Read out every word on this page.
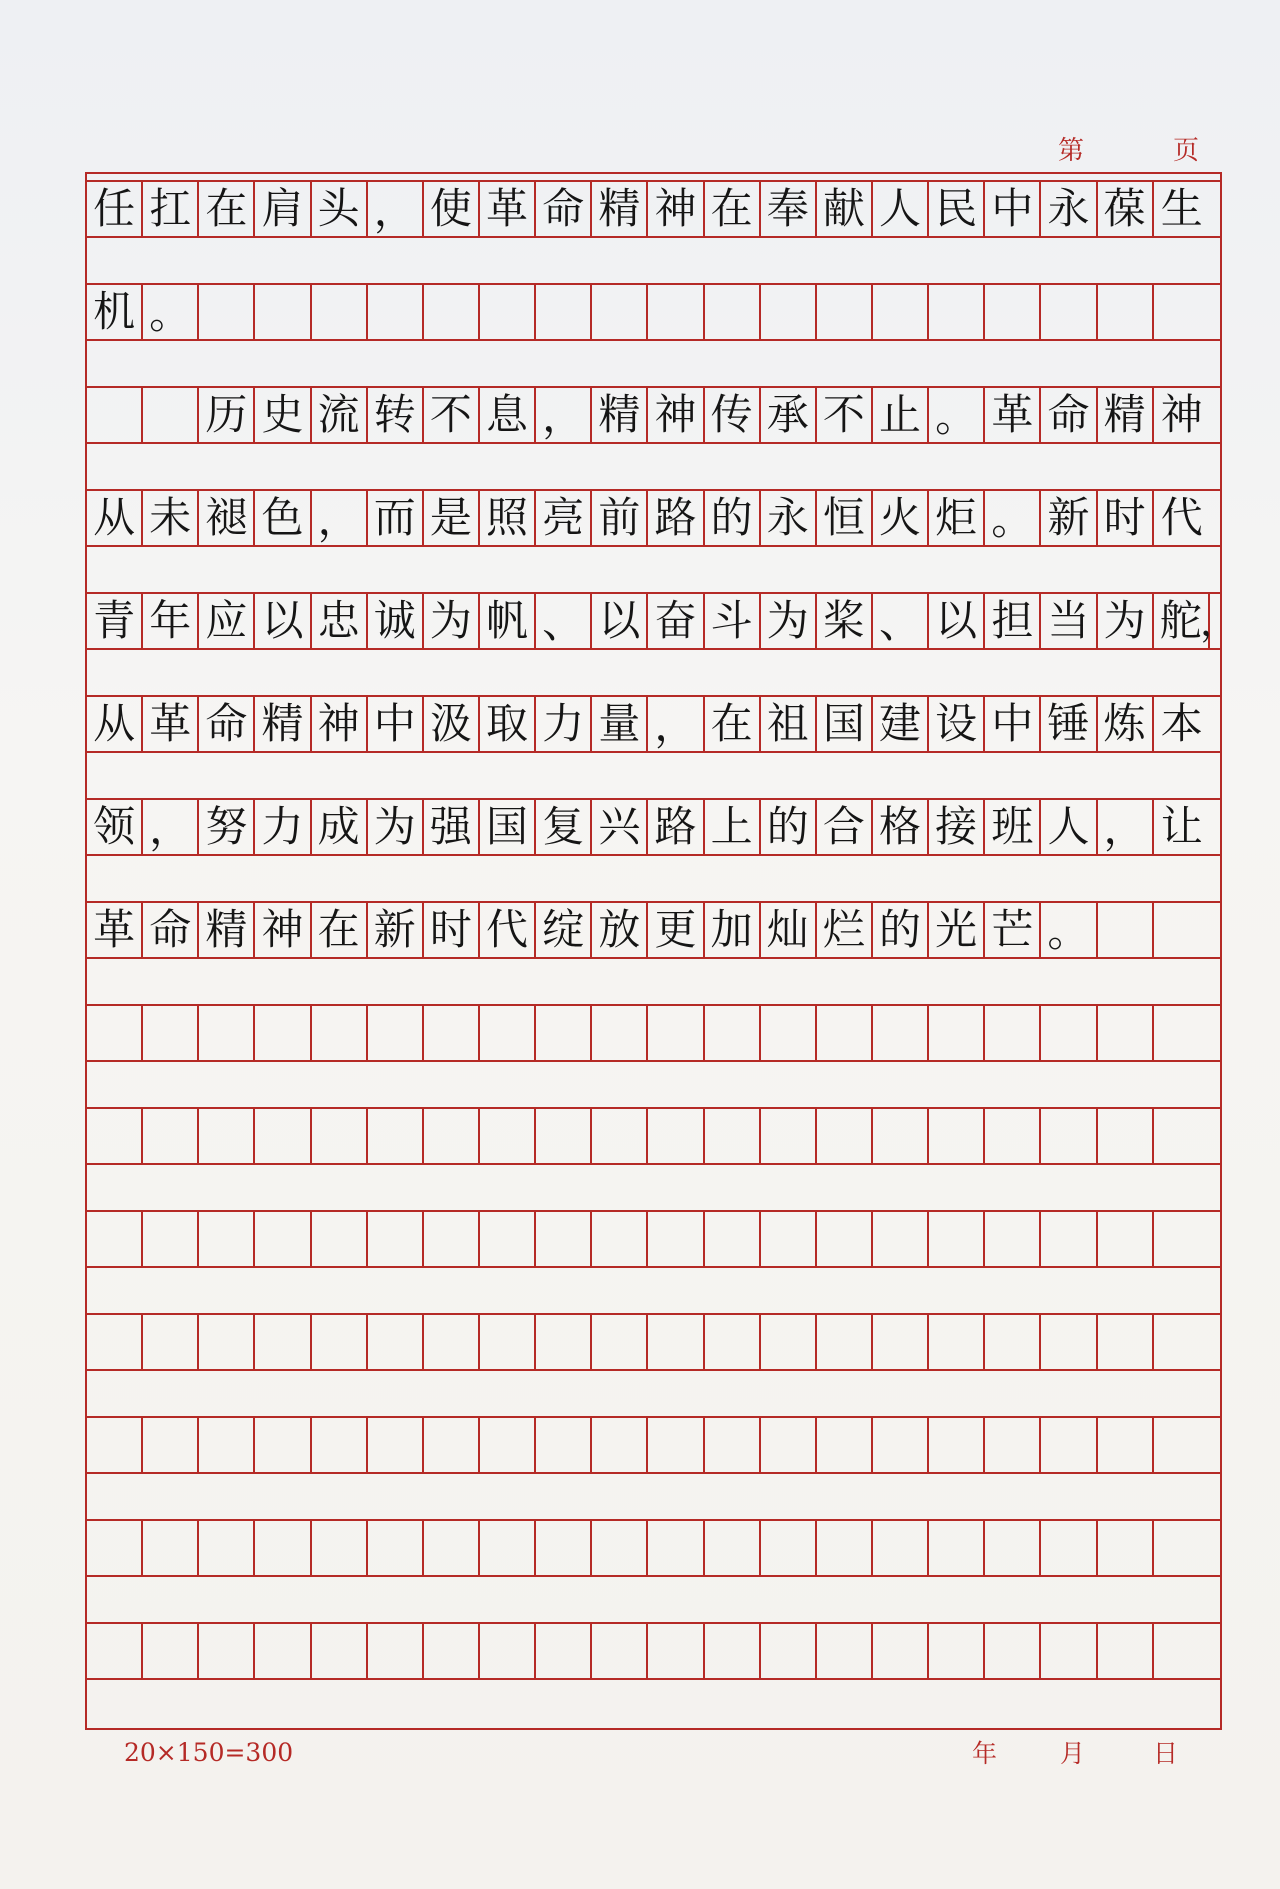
第	页
任 扛 在 肩 头 ， 使 革 命 精 神 在 奉 献 人 民 中 永 葆 生
机 。
历 史 流 转 不 息 ， 精 神 传 承 不 止 。 革 命 精 神
从 未 褪 色 ， 而 是 照 亮 前 路 的 永 恒 火 炬 。 新 时 代
青 年 应 以 忠 诚 为 帆 、 以 奋 斗 为 桨 、 以 担 当 为 舵
，
从 革 命 精 神 中 汲 取 力 量 ， 在 祖 国 建 设 中 锤 炼 本
领 ， 努 力 成 为 强 国 复 兴 路 上 的 合 格 接 班 人 ， 让
革 命 精 神 在 新 时 代 绽 放 更 加 灿 烂 的 光 芒 。
20×150=300	年	月	日
